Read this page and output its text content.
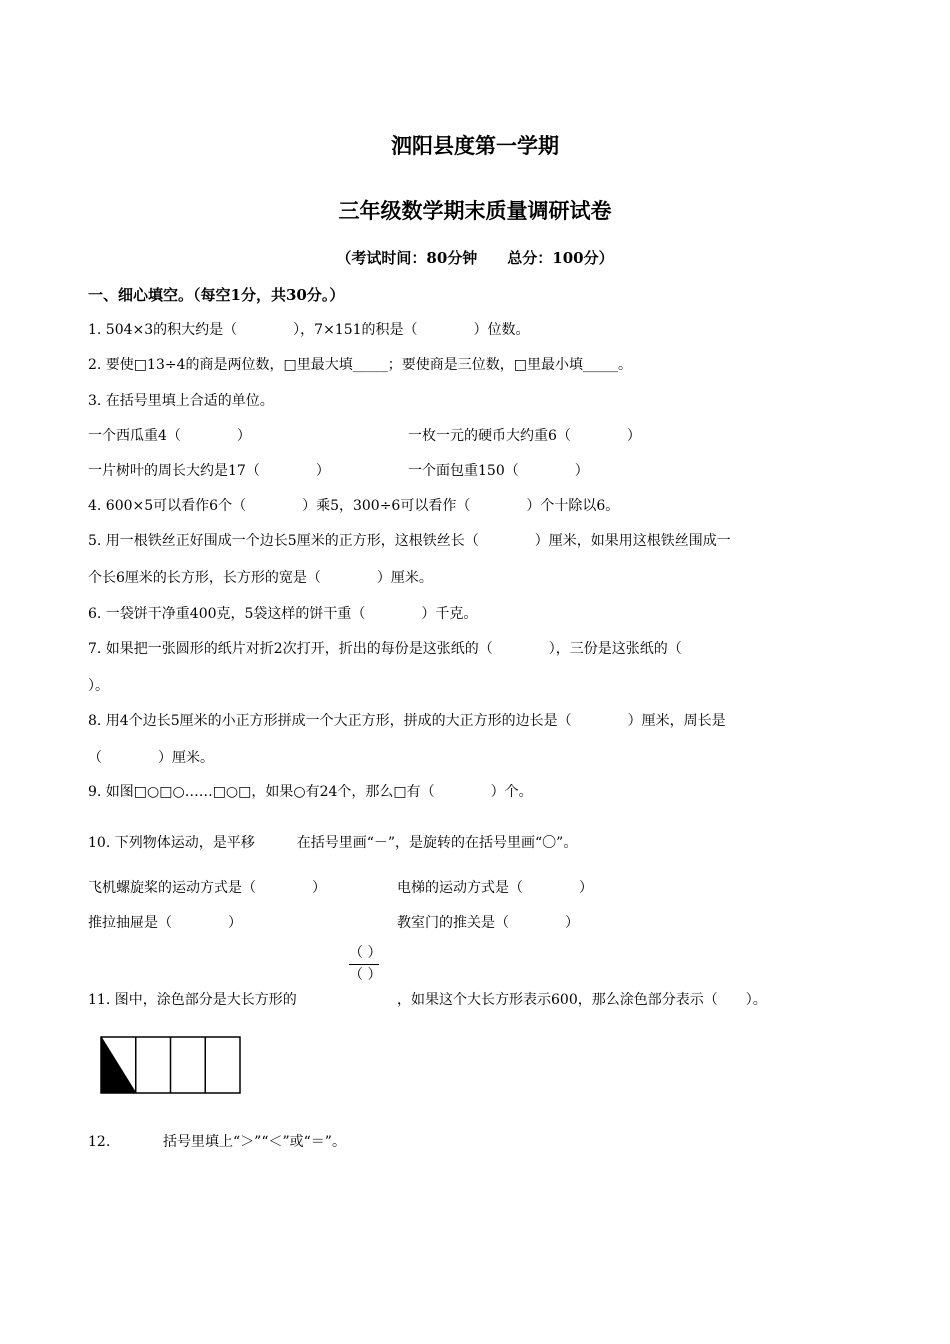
泗阳县度第一学期
三年级数学期末质量调研试卷
（考试时间：80分钟　　总分：100分）
一、细心填空。（每空1分，共30分。）
1. 504×3的积大约是（　　　　），7×151的积是（　　　　）位数。
2. 要使□13÷4的商是两位数，□里最大填_____；要使商是三位数，□里最小填_____。
3. 在括号里填上合适的单位。
一个西瓜重4（　　　　）	一枚一元的硬币大约重6（　　　　）
一片树叶的周长大约是17（　　　　）	一个面包重150（　　　　）
4. 600×5可以看作6个（　　　　）乘5，300÷6可以看作（　　　　）个十除以6。
5. 用一根铁丝正好围成一个边长5厘米的正方形，这根铁丝长（　　　　）厘米，如果用这根铁丝围成一
个长6厘米的长方形，长方形的宽是（　　　　）厘米。
6. 一袋饼干净重400克，5袋这样的饼干重（　　　　）千克。
7. 如果把一张圆形的纸片对折2次打开，折出的每份是这张纸的（　　　　），三份是这张纸的（
）。
8. 用4个边长5厘米的小正方形拼成一个大正方形，拼成的大正方形的边长是（　　　　）厘米，周长是
（　　　　）厘米。
9. 如图□○□○……□○□，如果○有24个，那么□有（　　　　）个。
10. 下列物体运动，是平移　　　在括号里画“－”，是旋转的在括号里画“〇”。
飞机螺旋桨的运动方式是（　　　　）	电梯的运动方式是（　　　　）
推拉抽屉是（　　　　）	教室门的推关是（　　　　）
（ ）
（ ）
11. 图中，涂色部分是大长方形的	，如果这个大长方形表示600，那么涂色部分表示（　　）。
12.	括号里填上“＞”“＜”或“＝”。
